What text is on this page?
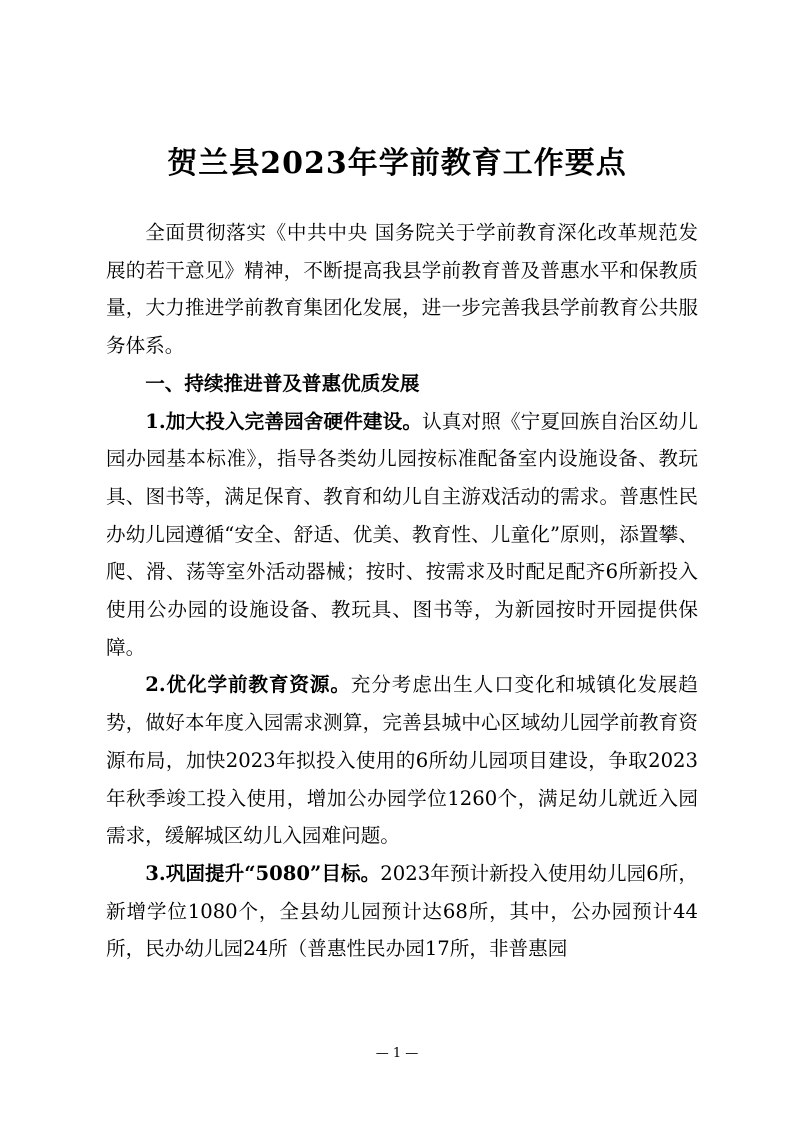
贺兰县2023年学前教育工作要点

全面贯彻落实《中共中央 国务院关于学前教育深化改革规范发展的若干意见》精神，不断提高我县学前教育普及普惠水平和保教质量，大力推进学前教育集团化发展，进一步完善我县学前教育公共服务体系。

一、持续推进普及普惠优质发展

1.加大投入完善园舍硬件建设。认真对照《宁夏回族自治区幼儿园办园基本标准》，指导各类幼儿园按标准配备室内设施设备、教玩具、图书等，满足保育、教育和幼儿自主游戏活动的需求。普惠性民办幼儿园遵循“安全、舒适、优美、教育性、儿童化”原则，添置攀、爬、滑、荡等室外活动器械；按时、按需求及时配足配齐6所新投入使用公办园的设施设备、教玩具、图书等，为新园按时开园提供保障。

2.优化学前教育资源。充分考虑出生人口变化和城镇化发展趋势，做好本年度入园需求测算，完善县城中心区域幼儿园学前教育资源布局，加快2023年拟投入使用的6所幼儿园项目建设，争取2023年秋季竣工投入使用，增加公办园学位1260个，满足幼儿就近入园需求，缓解城区幼儿入园难问题。

3.巩固提升“5080”目标。2023年预计新投入使用幼儿园6所，新增学位1080个，全县幼儿园预计达68所，其中，公办园预计44所，民办幼儿园24所（普惠性民办园17所，非普惠园

— 1 —
